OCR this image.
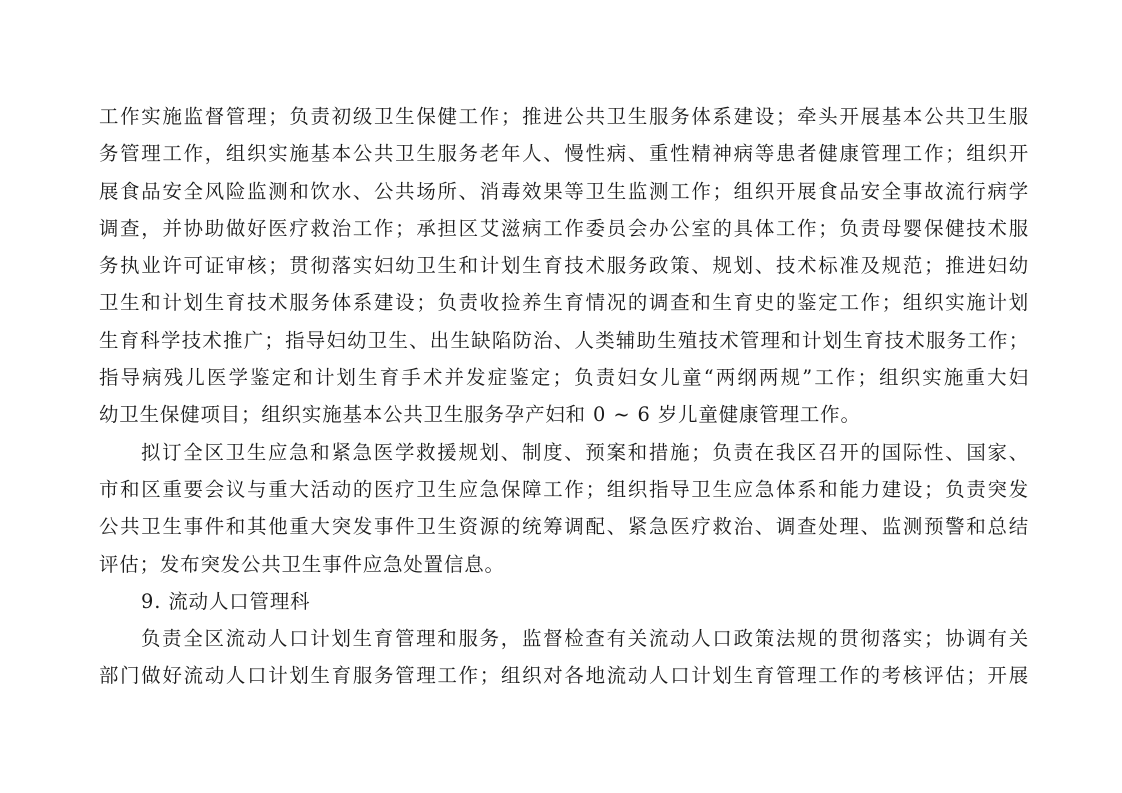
工作实施监督管理；负责初级卫生保健工作；推进公共卫生服务体系建设；牵头开展基本公共卫生服
务管理工作，组织实施基本公共卫生服务老年人、慢性病、重性精神病等患者健康管理工作；组织开
展食品安全风险监测和饮水、公共场所、消毒效果等卫生监测工作；组织开展食品安全事故流行病学
调查，并协助做好医疗救治工作；承担区艾滋病工作委员会办公室的具体工作；负责母婴保健技术服
务执业许可证审核；贯彻落实妇幼卫生和计划生育技术服务政策、规划、技术标准及规范；推进妇幼
卫生和计划生育技术服务体系建设；负责收捡养生育情况的调查和生育史的鉴定工作；组织实施计划
生育科学技术推广；指导妇幼卫生、出生缺陷防治、人类辅助生殖技术管理和计划生育技术服务工作；
指导病残儿医学鉴定和计划生育手术并发症鉴定；负责妇女儿童“两纲两规”工作；组织实施重大妇
幼卫生保健项目；组织实施基本公共卫生服务孕产妇和 0 ~ 6 岁儿童健康管理工作。
拟订全区卫生应急和紧急医学救援规划、制度、预案和措施；负责在我区召开的国际性、国家、
市和区重要会议与重大活动的医疗卫生应急保障工作；组织指导卫生应急体系和能力建设；负责突发
公共卫生事件和其他重大突发事件卫生资源的统筹调配、紧急医疗救治、调查处理、监测预警和总结
评估；发布突发公共卫生事件应急处置信息。
9. 流动人口管理科
负责全区流动人口计划生育管理和服务，监督检查有关流动人口政策法规的贯彻落实；协调有关
部门做好流动人口计划生育服务管理工作；组织对各地流动人口计划生育管理工作的考核评估；开展
